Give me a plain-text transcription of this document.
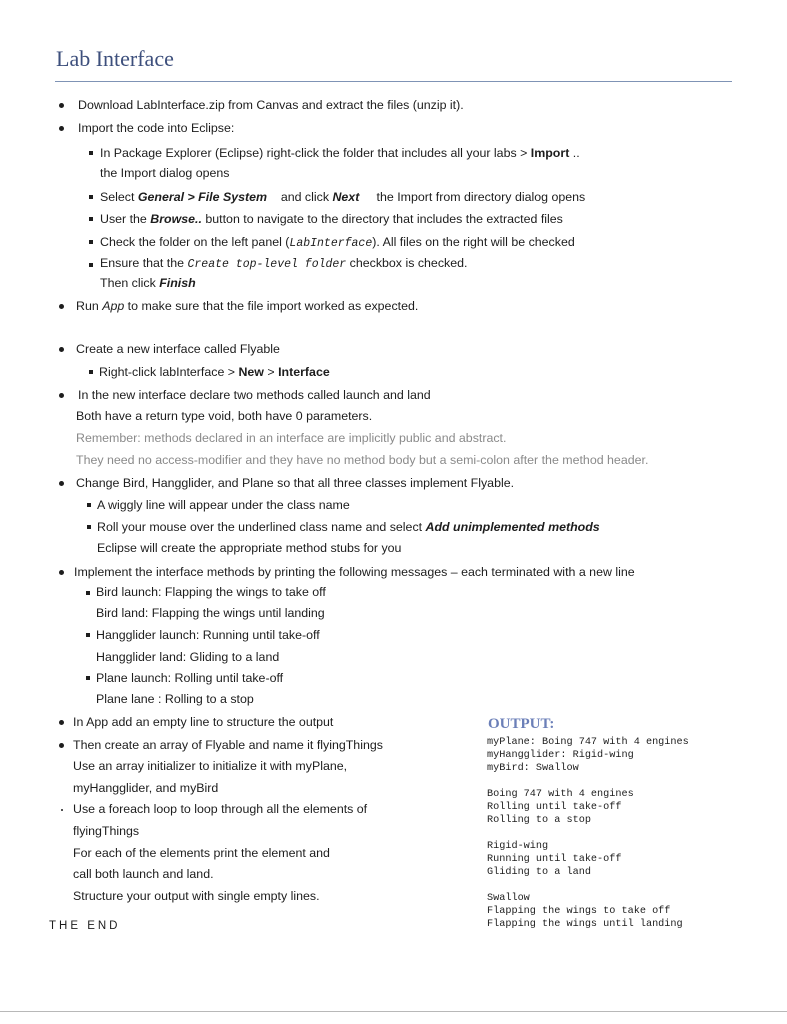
Lab Interface
Download LabInterface.zip from Canvas and extract the files (unzip it).
Import the code into Eclipse:
In Package Explorer (Eclipse) right-click the folder that includes all your labs > Import ..
the Import dialog opens
Select General > File System and click Next the Import from directory dialog opens
User the Browse.. button to navigate to the directory that includes the extracted files
Check the folder on the left panel (LabInterface). All files on the right will be checked
Ensure that the Create top-level folder checkbox is checked.
Then click Finish
Run App to make sure that the file import worked as expected.
Create a new interface called Flyable
Right-click labInterface > New > Interface
In the new interface declare two methods called launch and land
Both have a return type void, both have 0 parameters.
Remember: methods declared in an interface are implicitly public and abstract.
They need no access-modifier and they have no method body but a semi-colon after the method header.
Change Bird, Hangglider, and Plane so that all three classes implement Flyable.
A wiggly line will appear under the class name
Roll your mouse over the underlined class name and select Add unimplemented methods
Eclipse will create the appropriate method stubs for you
Implement the interface methods by printing the following messages – each terminated with a new line
Bird launch: Flapping the wings to take off
Bird land: Flapping the wings until landing
Hangglider launch: Running until take-off
Hangglider land: Gliding to a land
Plane launch: Rolling until take-off
Plane lane : Rolling to a stop
In App add an empty line to structure the output
Then create an array of Flyable and name it flyingThings
Use an array initializer to initialize it with myPlane,
myHangglider, and myBird
Use a foreach loop to loop through all the elements of
flyingThings
For each of the elements print the element and
call both launch and land.
Structure your output with single empty lines.
THE END
OUTPUT:
myPlane: Boing 747 with 4 engines
myHangglider: Rigid-wing
myBird: Swallow
Boing 747 with 4 engines
Rolling until take-off
Rolling to a stop
Rigid-wing
Running until take-off
Gliding to a land
Swallow
Flapping the wings to take off
Flapping the wings until landing
